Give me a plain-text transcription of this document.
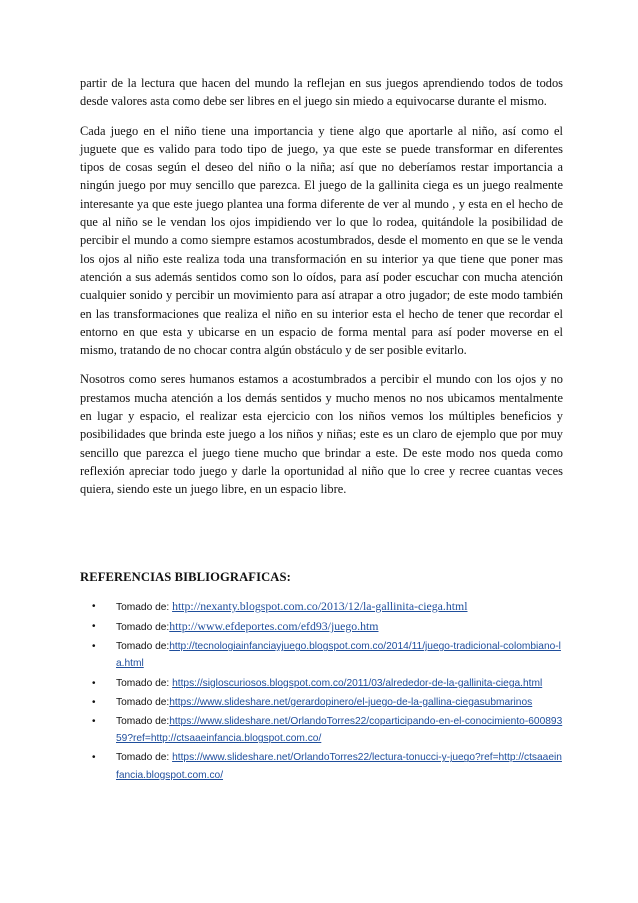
partir de la lectura que hacen del mundo la reflejan en sus juegos aprendiendo todos de todos desde valores asta como debe ser libres en el juego sin miedo a equivocarse durante el mismo.

Cada juego en el niño tiene una importancia y tiene algo que aportarle al niño, así como el juguete que es valido para todo tipo de juego, ya que este se puede transformar en diferentes tipos de cosas según el deseo del niño o la niña; así que no deberíamos restar importancia a ningún juego por muy sencillo que parezca. El juego de la gallinita ciega es un juego realmente interesante ya que este juego plantea una forma diferente de ver al mundo , y esta en el hecho de que al niño se le vendan los ojos impidiendo ver lo que lo rodea, quitándole la posibilidad de percibir el mundo a como siempre estamos acostumbrados, desde el momento en que se le venda los ojos al niño este realiza toda una transformación en su interior ya que tiene que poner mas atención a sus además sentidos como son lo oídos, para así poder escuchar con mucha atención cualquier sonido y percibir un movimiento para así atrapar a otro jugador; de este modo también en las transformaciones que realiza el niño en su interior esta el hecho de tener que recordar el entorno en que esta y ubicarse en un espacio de forma mental para así poder moverse en el mismo, tratando de no chocar contra algún obstáculo y de ser posible evitarlo.

Nosotros como seres humanos estamos a acostumbrados a percibir el mundo con los ojos y no prestamos mucha atención a los demás sentidos y mucho menos no nos ubicamos mentalmente en lugar y espacio, el realizar esta ejercicio con los niños vemos los múltiples beneficios y posibilidades que brinda este juego a los niños y niñas; este es un claro de ejemplo que por muy sencillo que parezca el juego tiene mucho que brindar a este. De este modo nos queda como reflexión apreciar todo juego y darle la oportunidad al niño que lo cree y recree cuantas veces quiera, siendo este un juego libre, en un espacio libre.

REFERENCIAS BIBLIOGRAFICAS:
• Tomado de: http://nexanty.blogspot.com.co/2013/12/la-gallinita-ciega.html
• Tomado de:http://www.efdeportes.com/efd93/juego.htm
• Tomado de:http://tecnologiainfanciayjuego.blogspot.com.co/2014/11/juego-tradicional-colombiano-la.html
• Tomado de: https://sigloscuriosos.blogspot.com.co/2011/03/alrededor-de-la-gallinita-ciega.html
• Tomado de:https://www.slideshare.net/gerardopinero/el-juego-de-la-gallina-ciegasubmarinos
• Tomado de:https://www.slideshare.net/OrlandoTorres22/coparticipando-en-el-conocimiento-60089359?ref=http://ctsaaeinfancia.blogspot.com.co/
• Tomado de: https://www.slideshare.net/OrlandoTorres22/lectura-tonucci-y-juego?ref=http://ctsaaeinfancia.blogspot.com.co/
